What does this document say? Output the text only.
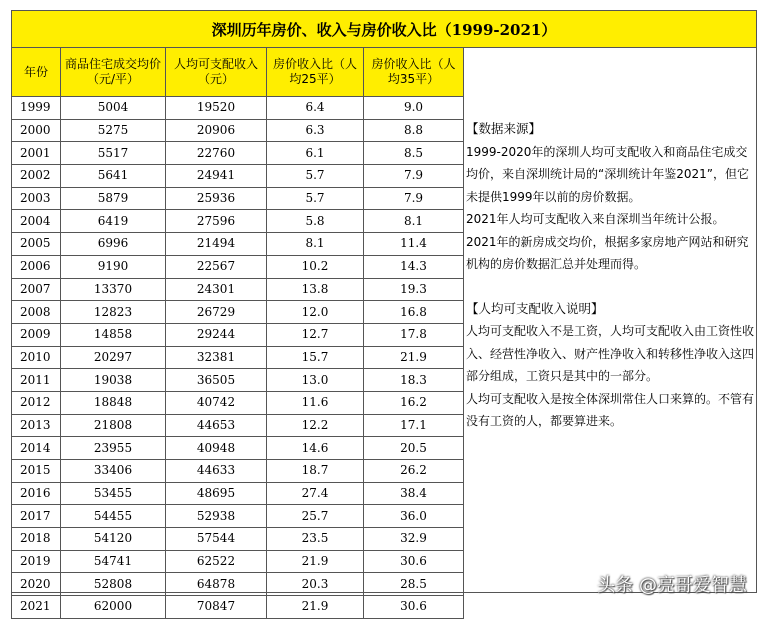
深圳历年房价、收入与房价收入比（1999-2021）
年份	商品住宅成交均价（元/平）	人均可支配收入（元）	房价收入比（人均25平）	房价收入比（人均35平）
1999	5004	19520	6.4	9.0
2000	5275	20906	6.3	8.8
2001	5517	22760	6.1	8.5
2002	5641	24941	5.7	7.9
2003	5879	25936	5.7	7.9
2004	6419	27596	5.8	8.1
2005	6996	21494	8.1	11.4
2006	9190	22567	10.2	14.3
2007	13370	24301	13.8	19.3
2008	12823	26729	12.0	16.8
2009	14858	29244	12.7	17.8
2010	20297	32381	15.7	21.9
2011	19038	36505	13.0	18.3
2012	18848	40742	11.6	16.2
2013	21808	44653	12.2	17.1
2014	23955	40948	14.6	20.5
2015	33406	44633	18.7	26.2
2016	53455	48695	27.4	38.4
2017	54455	52938	25.7	36.0
2018	54120	57544	23.5	32.9
2019	54741	62522	21.9	30.6
2020	52808	64878	20.3	28.5
2021	62000	70847	21.9	30.6

【数据来源】

1999-2020年的深圳人均可支配收入和商品住宅成交均价，来自深圳统计局的“深圳统计年鉴2021”，但它未提供1999年以前的房价数据。

2021年人均可支配收入来自深圳当年统计公报。

2021年的新房成交均价，根据多家房地产网站和研究机构的房价数据汇总并处理而得。

【人均可支配收入说明】

人均可支配收入不是工资，人均可支配收入由工资性收入、经营性净收入、财产性净收入和转移性净收入这四部分组成，工资只是其中的一部分。

人均可支配收入是按全体深圳常住人口来算的。不管有没有工资的人，都要算进来。

头条 @亮哥爱智慧
